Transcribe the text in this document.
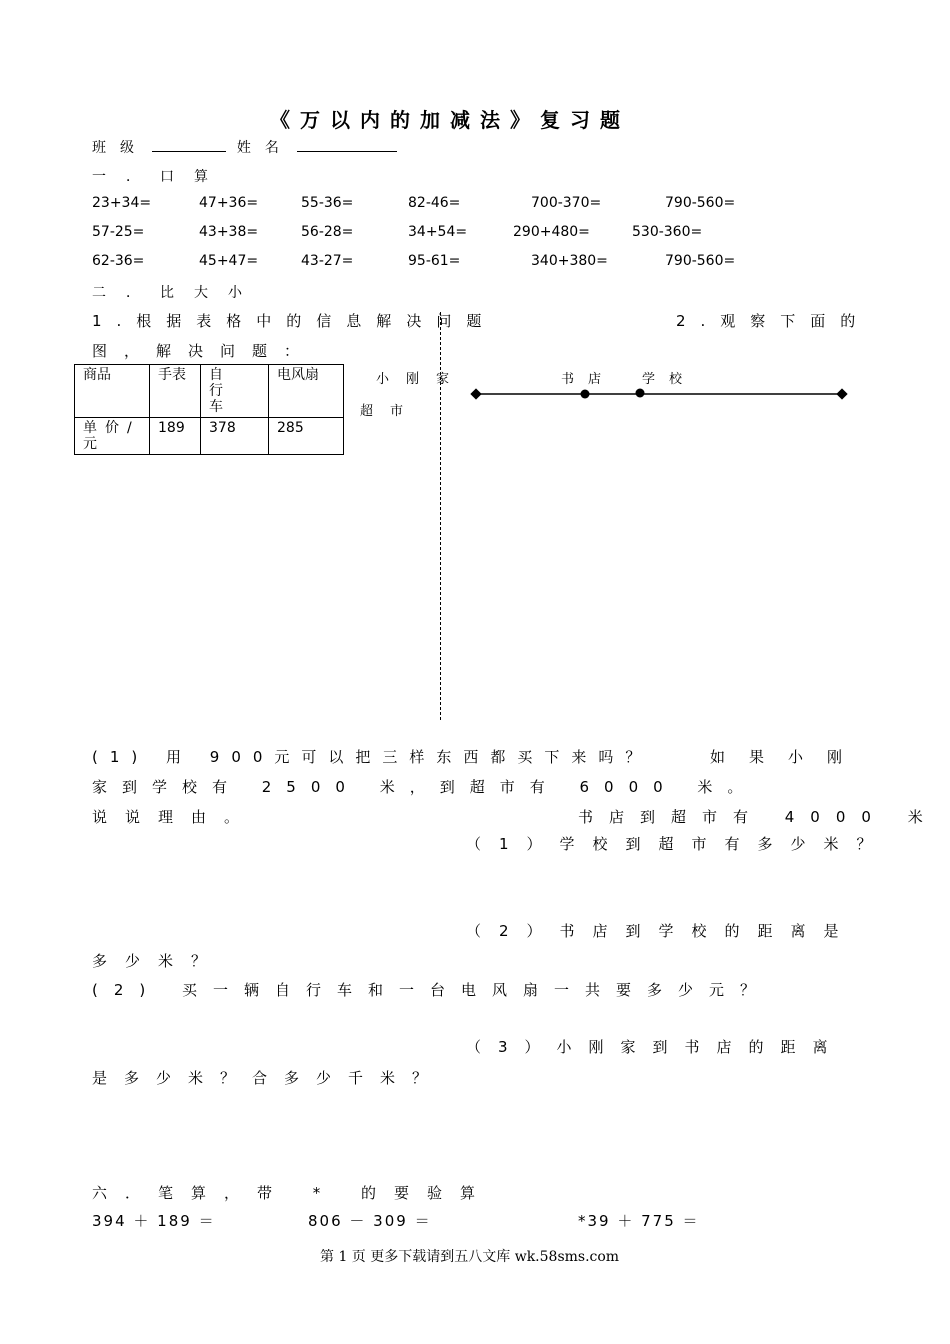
《万以内的加减法》复习题
班级	姓名
一．口算
23+34=	47+36=	55-36=	82-46=	700-370=	790-560=
57-25=	43+38=	56-28=	34+54=	290+480=	530-360=
62-36=	45+47=	43-27=	95-61=	340+380=	790-560=
二．比大小
1.根据表格中的信息解决问题	2.观察下面的
图，解决问题：
商品	手表	自行车	电风扇
单价/元	189	378	285
小刚家
超市
书店 学校
(1) 用 900元可以把三样东西都买下来吗？
说说理由。
(2) 买一辆自行车和一台电风扇一共要多少元？
如果小刚
家到学校有 2500 米，到超市有 6000 米。
书店到超市有 4000 米
（1）学校到超市有多少米？
（2）书店到学校的距离是
多少米？
（3）小刚家到书店的距离
是多少米？合多少千米？
六．笔算，带 * 的要验算
394 ＋ 189 ＝	806 － 309 ＝	*39 ＋ 775 ＝
第 1 页 更多下载请到五八文库 wk.58sms.com
